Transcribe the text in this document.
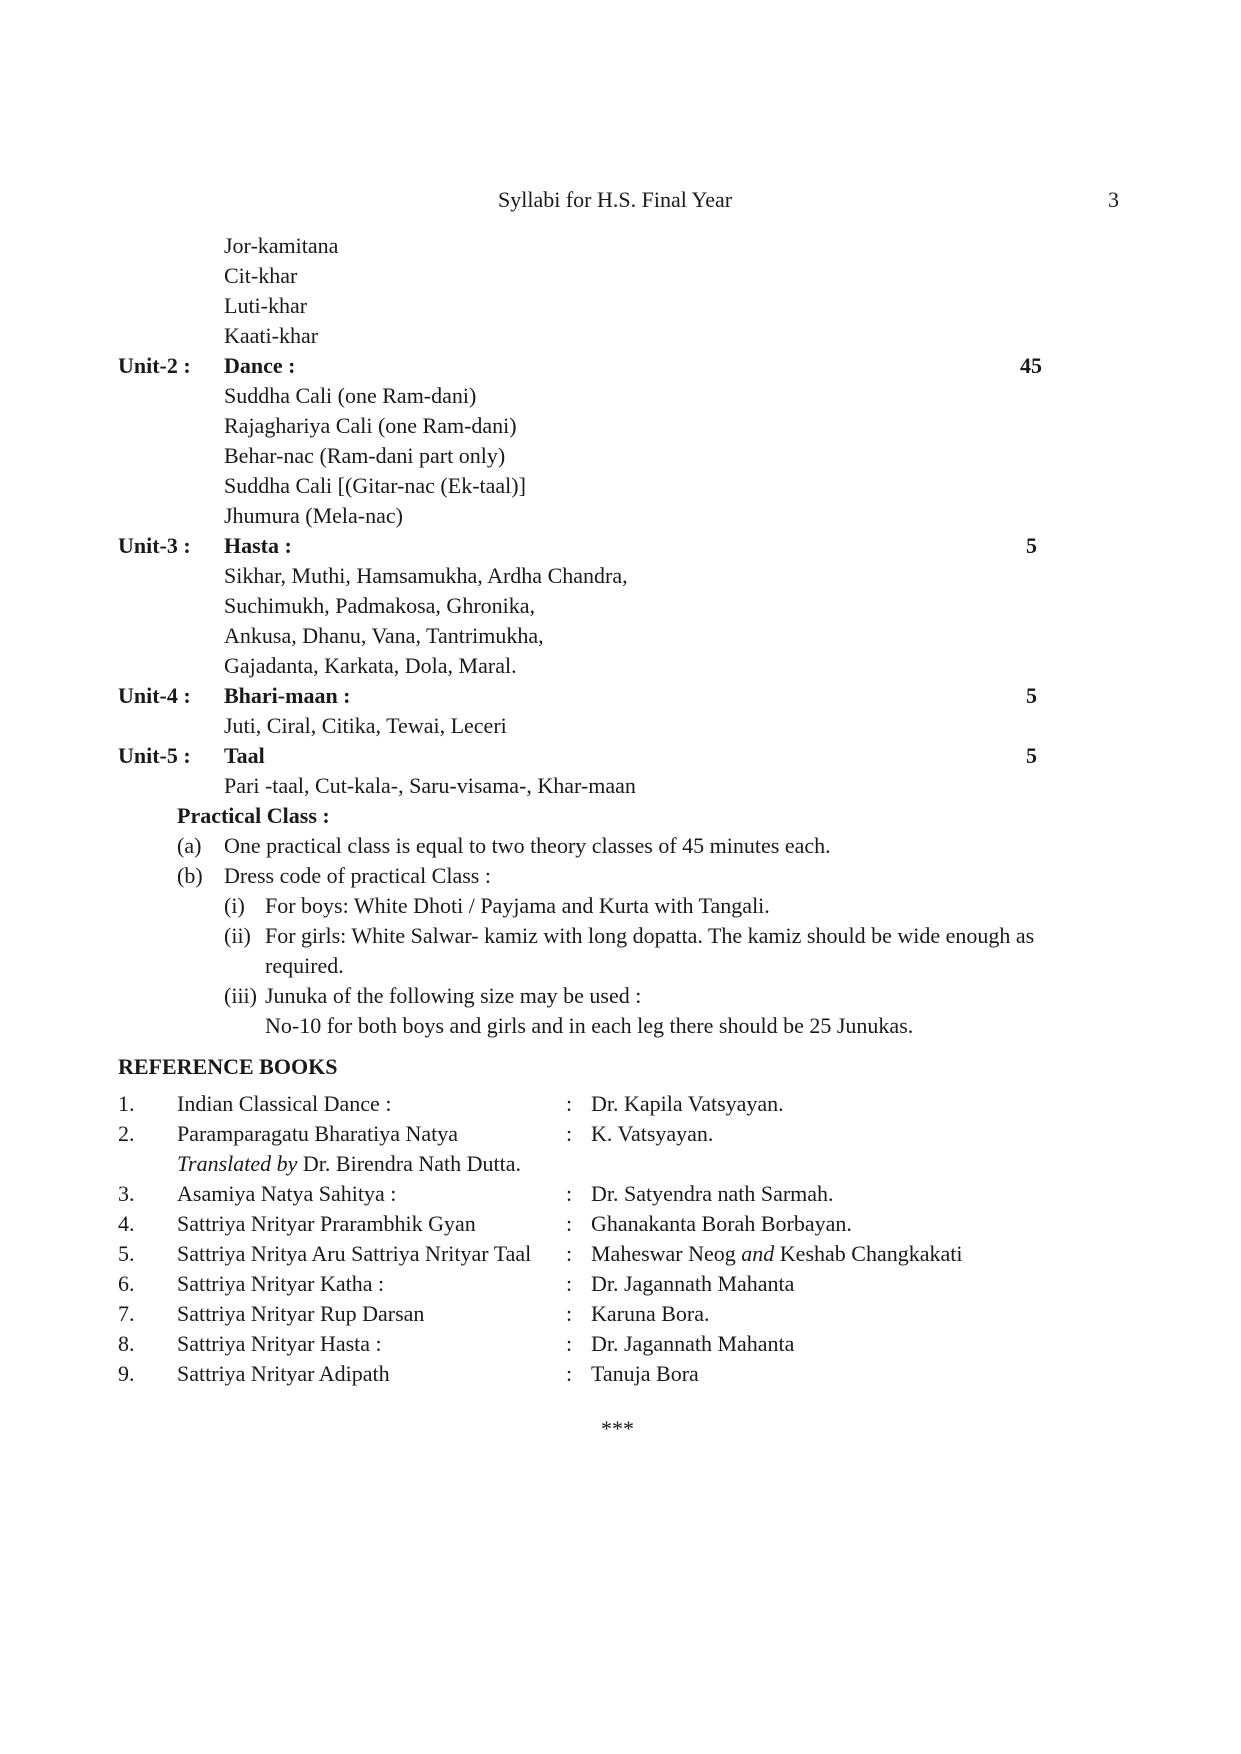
Syllabi for H.S. Final Year	3
Jor-kamitana
Cit-khar
Luti-khar
Kaati-khar
Unit-2 : Dance :	45
Suddha Cali (one Ram-dani)
Rajaghariya Cali (one Ram-dani)
Behar-nac (Ram-dani part only)
Suddha Cali [(Gitar-nac (Ek-taal)]
Jhumura (Mela-nac)
Unit-3 : Hasta :	5
Sikhar, Muthi, Hamsamukha, Ardha Chandra,
Suchimukh, Padmakosa, Ghronika,
Ankusa, Dhanu, Vana, Tantrimukha,
Gajadanta, Karkata, Dola, Maral.
Unit-4 : Bhari-maan :	5
Juti, Ciral, Citika, Tewai, Leceri
Unit-5 : Taal	5
Pari -taal, Cut-kala-, Saru-visama-, Khar-maan
Practical Class :
(a) One practical class is equal to two theory classes of 45 minutes each.
(b) Dress code of practical Class :
(i) For boys: White Dhoti / Payjama and Kurta with Tangali.
(ii) For girls: White Salwar- kamiz with long dopatta. The kamiz should be wide enough as
required.
(iii) Junuka of the following size may be used :
No-10 for both boys and girls and in each leg there should be 25 Junukas.
REFERENCE BOOKS
1. Indian Classical Dance :	: Dr. Kapila Vatsyayan.
2. Paramparagatu Bharatiya Natya	: K. Vatsyayan.
Translated by Dr. Birendra Nath Dutta.
3. Asamiya Natya Sahitya :	: Dr. Satyendra nath Sarmah.
4. Sattriya Nrityar Prarambhik Gyan	: Ghanakanta Borah Borbayan.
5. Sattriya Nritya Aru Sattriya Nrityar Taal : Maheswar Neog and Keshab Changkakati
6. Sattriya Nrityar Katha :	: Dr. Jagannath Mahanta
7. Sattriya Nrityar Rup Darsan	: Karuna Bora.
8. Sattriya Nrityar Hasta :	: Dr. Jagannath Mahanta
9. Sattriya Nrityar Adipath	: Tanuja Bora
***
